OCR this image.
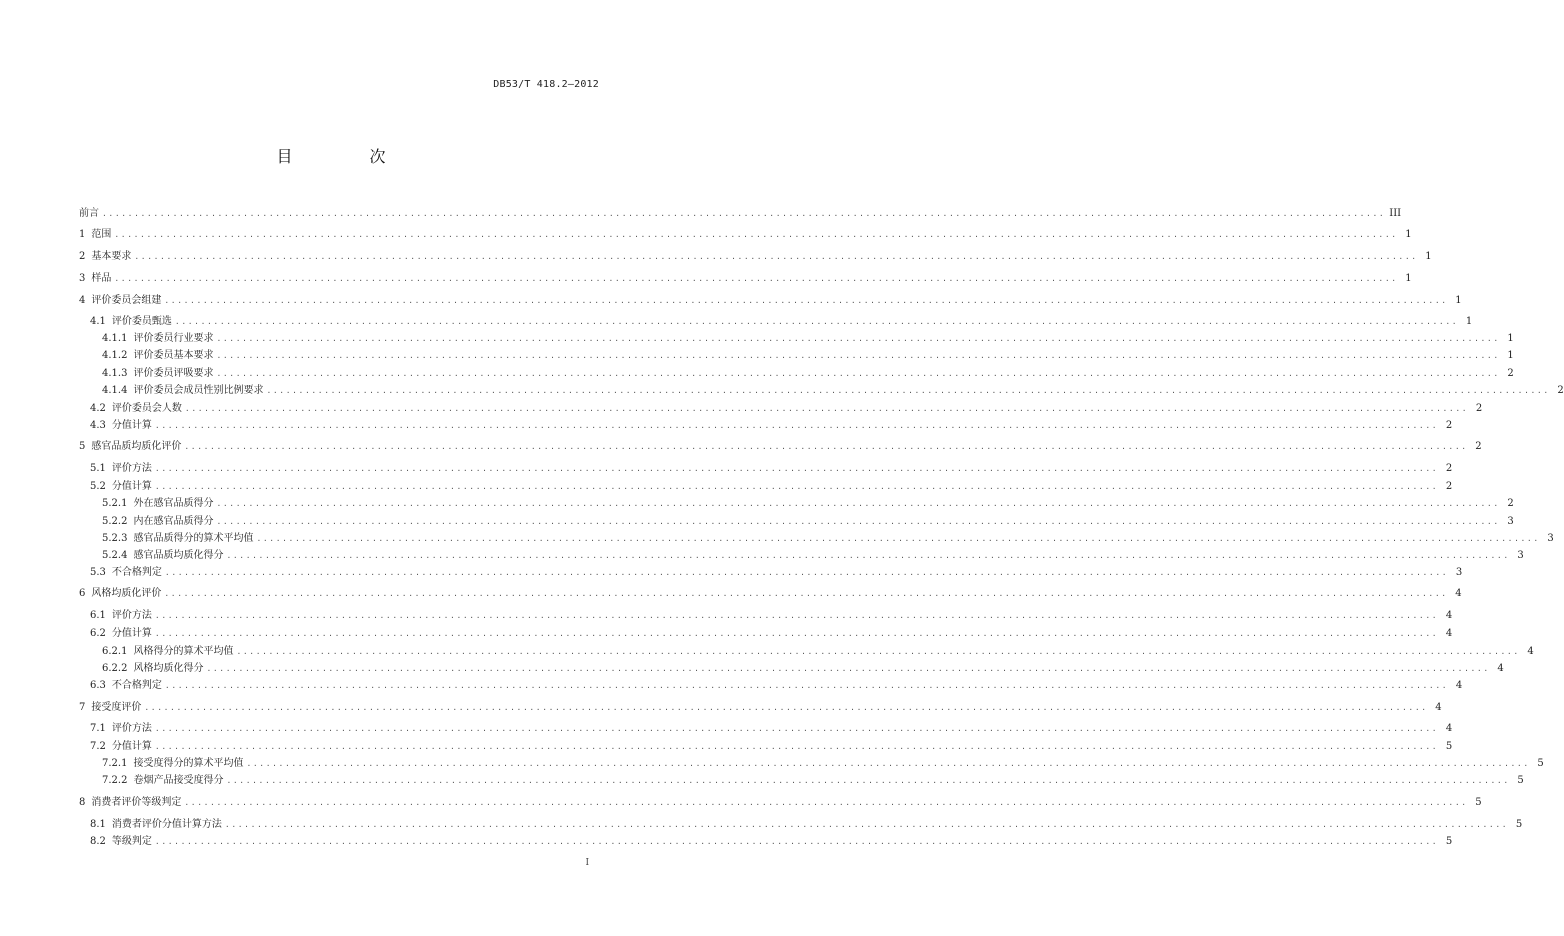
DB53/T 418.2—2012
目 次
前言 ........................................................................................................................................................................................................ III
1 范围 ........................................................................................................................................................................................................ 1
2 基本要求 ........................................................................................................................................................................................................ 1
3 样品 ........................................................................................................................................................................................................ 1
4 评价委员会组建 ........................................................................................................................................................................................................ 1
4.1 评价委员甄选 ........................................................................................................................................................................................................ 1
4.1.1 评价委员行业要求 ........................................................................................................................................................................................................ 1
4.1.2 评价委员基本要求 ........................................................................................................................................................................................................ 1
4.1.3 评价委员评吸要求 ........................................................................................................................................................................................................ 2
4.1.4 评价委员会成员性别比例要求 ........................................................................................................................................................................................................ 2
4.2 评价委员会人数 ........................................................................................................................................................................................................ 2
4.3 分值计算 ........................................................................................................................................................................................................ 2
5 感官品质均质化评价 ........................................................................................................................................................................................................ 2
5.1 评价方法 ........................................................................................................................................................................................................ 2
5.2 分值计算 ........................................................................................................................................................................................................ 2
5.2.1 外在感官品质得分 ........................................................................................................................................................................................................ 2
5.2.2 内在感官品质得分 ........................................................................................................................................................................................................ 3
5.2.3 感官品质得分的算术平均值 ........................................................................................................................................................................................................ 3
5.2.4 感官品质均质化得分 ........................................................................................................................................................................................................ 3
5.3 不合格判定 ........................................................................................................................................................................................................ 3
6 风格均质化评价 ........................................................................................................................................................................................................ 4
6.1 评价方法 ........................................................................................................................................................................................................ 4
6.2 分值计算 ........................................................................................................................................................................................................ 4
6.2.1 风格得分的算术平均值 ........................................................................................................................................................................................................ 4
6.2.2 风格均质化得分 ........................................................................................................................................................................................................ 4
6.3 不合格判定 ........................................................................................................................................................................................................ 4
7 接受度评价 ........................................................................................................................................................................................................ 4
7.1 评价方法 ........................................................................................................................................................................................................ 4
7.2 分值计算 ........................................................................................................................................................................................................ 5
7.2.1 接受度得分的算术平均值 ........................................................................................................................................................................................................ 5
7.2.2 卷烟产品接受度得分 ........................................................................................................................................................................................................ 5
8 消费者评价等级判定 ........................................................................................................................................................................................................ 5
8.1 消费者评价分值计算方法 ........................................................................................................................................................................................................ 5
8.2 等级判定 ........................................................................................................................................................................................................ 5
I
